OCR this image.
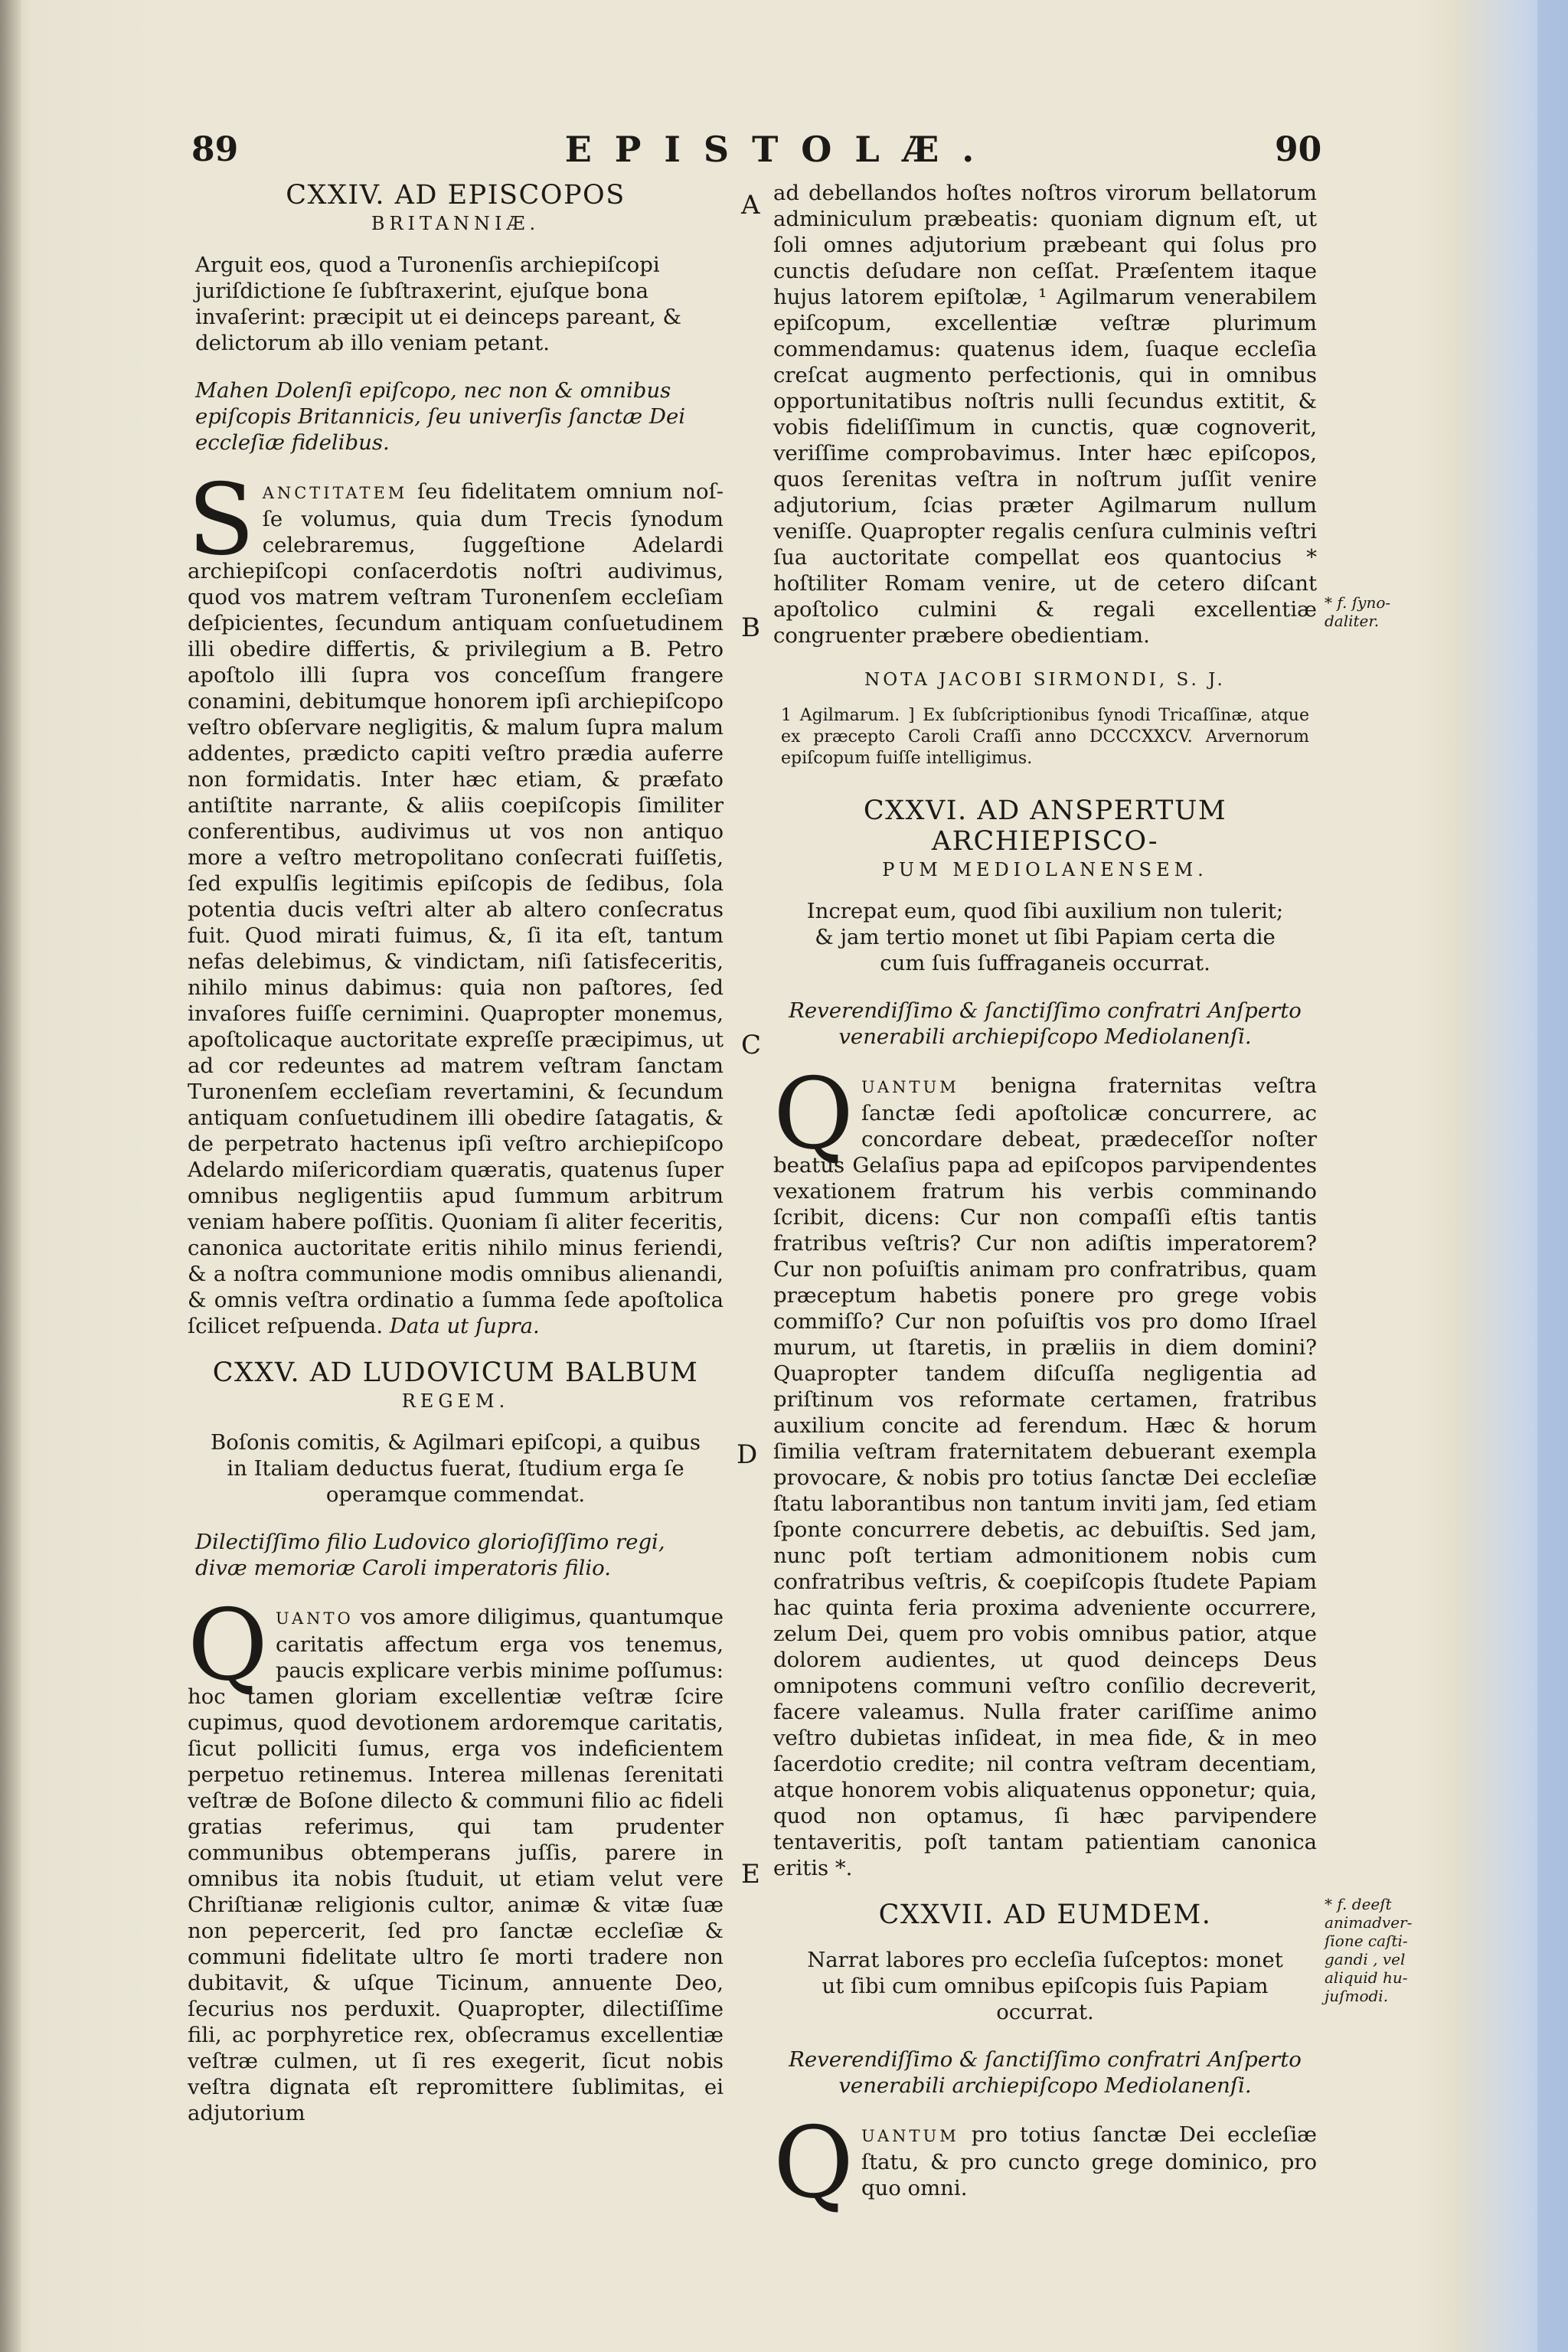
89	EPISTOLÆ.	90
A
B
C
D
E
* f. ſyno-daliter.
* f. deeſt animadver-ſione caſti-gandi , vel aliquid hu-juſmodi.

CXXIV. AD EPISCOPOS

BRITANNIÆ.

Arguit eos, quod a Turonenſis archiepiſcopi juriſdictione ſe ſubſtraxerint, ejuſque bona invaſerint: præcipit ut ei deinceps pareant, & delictorum ab illo veniam petant.

Mahen Dolenſi epiſcopo, nec non & omnibus epiſcopis Britannicis, ſeu univerſis ſanctæ Dei eccleſiæ fidelibus.

SANCTITATEM ſeu fidelitatem omnium noſ- ſe volumus, quia dum Trecis ſynodum celebraremus, ſuggeſtione Adelardi archiepiſcopi conſacerdotis noſtri audivimus, quod vos matrem veſtram Turonenſem eccleſiam deſpicientes, ſecundum antiquam conſuetudinem illi obedire differtis, & privilegium a B. Petro apoſtolo illi ſupra vos conceſſum frangere conamini, debitumque honorem ipſi archiepiſcopo veſtro obſervare negligitis, & malum ſupra malum addentes, prædicto capiti veſtro prædia auferre non formidatis. Inter hæc etiam, & præfato antiſtite narrante, & aliis coepiſcopis ſimiliter conferentibus, audivimus ut vos non antiquo more a veſtro metropolitano conſecrati fuiſſetis, ſed expulſis legitimis epiſcopis de ſedibus, ſola potentia ducis veſtri alter ab altero conſecratus fuit. Quod mirati fuimus, &, ſi ita eſt, tantum nefas delebimus, & vindictam, niſi ſatisfeceritis, nihilo minus dabimus: quia non paſtores, ſed invaſores fuiſſe cernimini. Quapropter monemus, apoſtolicaque auctoritate expreſſe præcipimus, ut ad cor redeuntes ad matrem veſtram ſanctam Turonenſem eccleſiam revertamini, & ſecundum antiquam conſuetudinem illi obedire ſatagatis, & de perpetrato hactenus ipſi veſtro archiepiſcopo Adelardo miſericordiam quæratis, quatenus ſuper omnibus negligentiis apud ſummum arbitrum veniam habere poſſitis. Quoniam ſi aliter feceritis, canonica auctoritate eritis nihilo minus feriendi, & a noſtra communione modis omnibus alienandi, & omnis veſtra ordinatio a ſumma ſede apoſtolica ſcilicet reſpuenda. Data ut ſupra.

CXXV. AD LUDOVICUM BALBUM

REGEM.

Boſonis comitis, & Agilmari epiſcopi, a quibus in Italiam deductus fuerat, ſtudium erga ſe operamque commendat.

Dilectiſſimo filio Ludovico glorioſiſſimo regi, divæ memoriæ Caroli imperatoris filio.

QUANTO vos amore diligimus, quantumque caritatis affectum erga vos tenemus, paucis explicare verbis minime poſſumus: hoc tamen gloriam excellentiæ veſtræ ſcire cupimus, quod devotionem ardoremque caritatis, ſicut polliciti ſumus, erga vos indeficientem perpetuo retinemus. Interea millenas ſerenitati veſtræ de Boſone dilecto & communi filio ac fideli gratias referimus, qui tam prudenter communibus obtemperans juſſis, parere in omnibus ita nobis ſtuduit, ut etiam velut vere Chriſtianæ religionis cultor, animæ & vitæ ſuæ non pepercerit, ſed pro ſanctæ eccleſiæ & communi fidelitate ultro ſe morti tradere non dubitavit, & uſque Ticinum, annuente Deo, ſecurius nos perduxit. Quapropter, dilectiſſime fili, ac porphyretice rex, obſecramus excellentiæ veſtræ culmen, ut ſi res exegerit, ſicut nobis veſtra dignata eſt repromittere ſublimitas, ei adjutorium

ad debellandos hoſtes noſtros virorum bellatorum adminiculum præbeatis: quoniam dignum eſt, ut ſoli omnes adjutorium præbeant qui ſolus pro cunctis deſudare non ceſſat. Præſentem itaque hujus latorem epiſtolæ, ¹ Agilmarum venerabilem epiſcopum, excellentiæ veſtræ plurimum commendamus: quatenus idem, ſuaque eccleſia creſcat augmento perfectionis, qui in omnibus opportunitatibus noſtris nulli ſecundus extitit, & vobis fideliſſimum in cunctis, quæ cognoverit, veriſſime comprobavimus. Inter hæc epiſcopos, quos ſerenitas veſtra in noſtrum juſſit venire adjutorium, ſcias præter Agilmarum nullum veniſſe. Quapropter regalis cenſura culminis veſtri ſua auctoritate compellat eos quantocius * hoſtiliter Romam venire, ut de cetero diſcant apoſtolico culmini & regali excellentiæ congruenter præbere obedientiam.

NOTA JACOBI SIRMONDI, S. J.

1 Agilmarum. ] Ex ſubſcriptionibus ſynodi Tricaſſinæ, atque ex præcepto Caroli Craſſi anno DCCCXXCV. Arvernorum epiſcopum fuiſſe intelligimus.

CXXVI. AD ANSPERTUM ARCHIEPISCO-

PUM MEDIOLANENSEM.

Increpat eum, quod ſibi auxilium non tulerit; & jam tertio monet ut ſibi Papiam certa die cum ſuis ſuffraganeis occurrat.

Reverendiſſimo & ſanctiſſimo confratri Anſperto venerabili archiepiſcopo Mediolanenſi.

QUANTUM benigna fraternitas veſtra ſanctæ ſedi apoſtolicæ concurrere, ac concordare debeat, prædeceſſor noſter beatus Gelaſius papa ad epiſcopos parvipendentes vexationem fratrum his verbis comminando ſcribit, dicens: Cur non compaſſi eſtis tantis fratribus veſtris? Cur non adiſtis imperatorem? Cur non poſuiſtis animam pro confratribus, quam præceptum habetis ponere pro grege vobis commiſſo? Cur non poſuiſtis vos pro domo Iſrael murum, ut ſtaretis, in præliis in diem domini? Quapropter tandem diſcuſſa negligentia ad priſtinum vos reformate certamen, fratribus auxilium concite ad ferendum. Hæc & horum ſimilia veſtram fraternitatem debuerant exempla provocare, & nobis pro totius ſanctæ Dei eccleſiæ ſtatu laborantibus non tantum inviti jam, ſed etiam ſponte concurrere debetis, ac debuiſtis. Sed jam, nunc poſt tertiam admonitionem nobis cum confratribus veſtris, & coepiſcopis ſtudete Papiam hac quinta feria proxima adveniente occurrere, zelum Dei, quem pro vobis omnibus patior, atque dolorem audientes, ut quod deinceps Deus omnipotens communi veſtro conſilio decreverit, facere valeamus. Nulla frater cariſſime animo veſtro dubietas inſideat, in mea fide, & in meo ſacerdotio credite; nil contra veſtram decentiam, atque honorem vobis aliquatenus opponetur; quia, quod non optamus, ſi hæc parvipendere tentaveritis, poſt tantam patientiam canonica eritis *.

CXXVII. AD EUMDEM.

Narrat labores pro eccleſia ſuſceptos: monet ut ſibi cum omnibus epiſcopis ſuis Papiam occurrat.

Reverendiſſimo & ſanctiſſimo confratri Anſperto venerabili archiepiſcopo Mediolanenſi.

QUANTUM pro totius ſanctæ Dei eccleſiæ ſtatu, & pro cuncto grege dominico, pro quo omni.
